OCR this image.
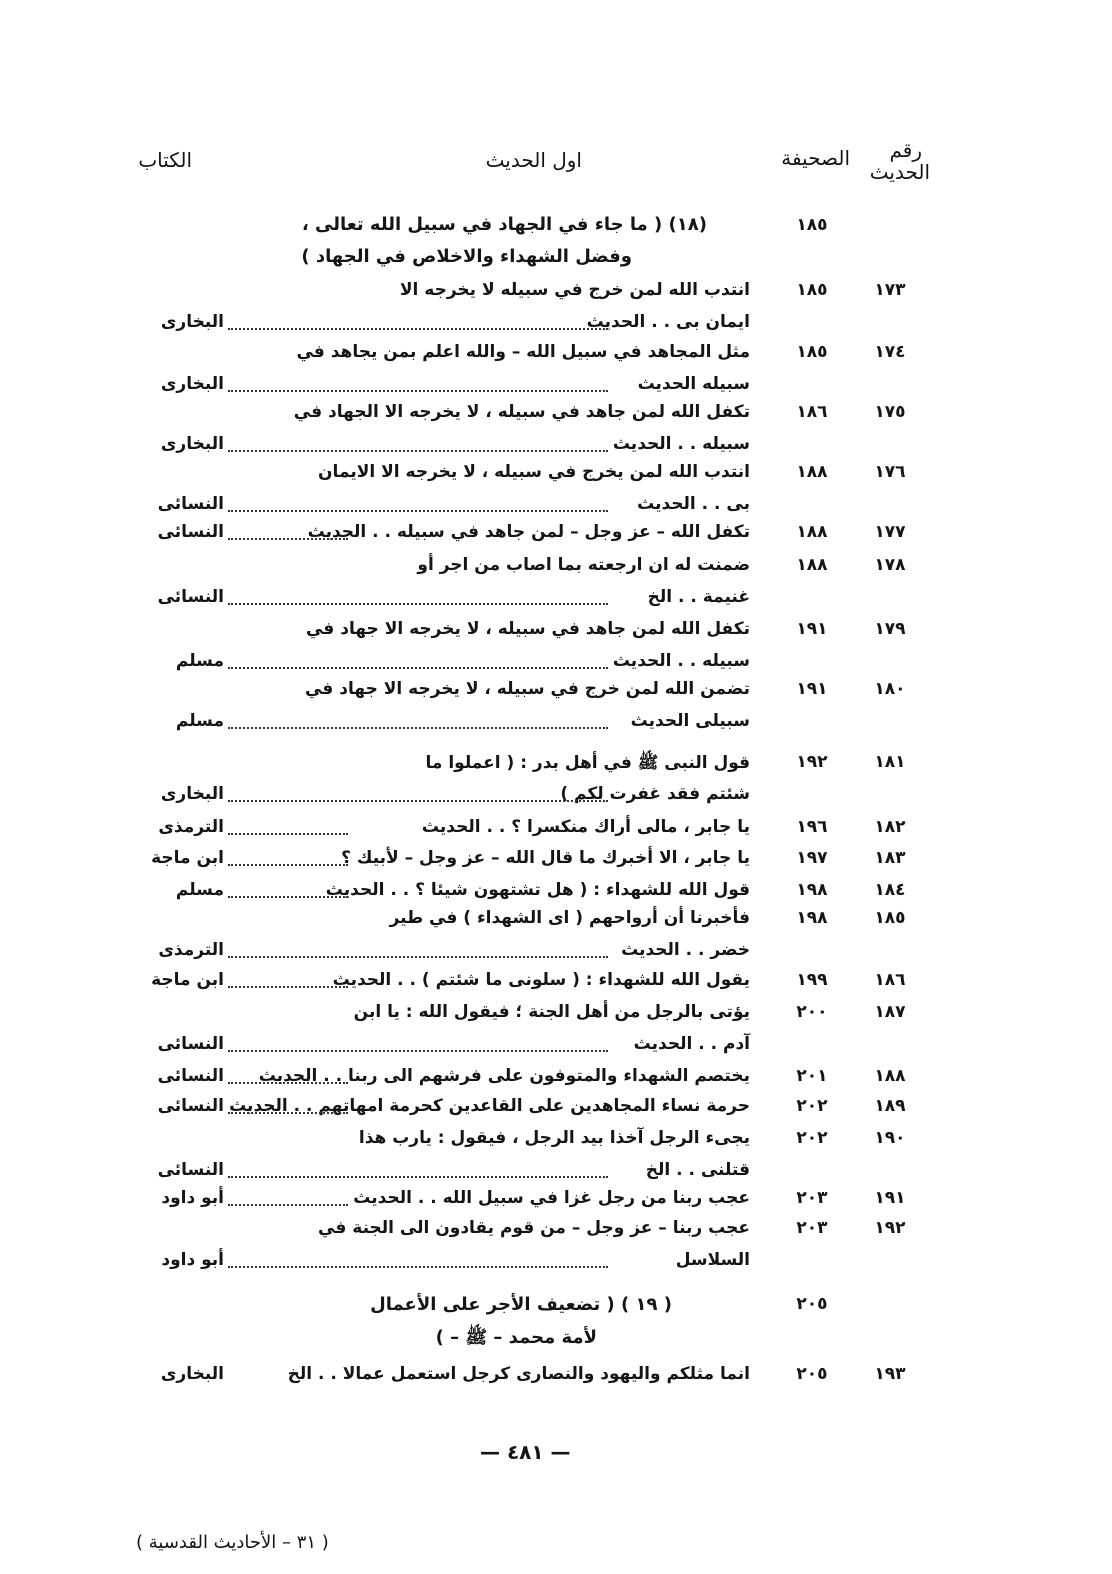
رقم
الحديث
الصحيفة
اول الحديث
الكتاب
١٨٥
(١٨) ( ما جاء في الجهاد في سبيل الله تعالى ،
وفضل الشهداء والاخلاص في الجهاد )
١٧٣
١٨٥
انتدب الله لمن خرج في سبيله لا يخرجه الا
ايمان بى . . الحديث
البخارى
١٧٤
١٨٥
مثل المجاهد في سبيل الله – والله اعلم بمن يجاهد في
سبيله الحديث
البخارى
١٧٥
١٨٦
تكفل الله لمن جاهد في سبيله ، لا يخرجه الا الجهاد في
سبيله . . الحديث
البخارى
١٧٦
١٨٨
انتدب الله لمن يخرج في سبيله ، لا يخرجه الا الايمان
بى . . الحديث
النسائى
١٧٧
١٨٨
تكفل الله – عز وجل – لمن جاهد في سبيله . . الحديث
النسائى
١٧٨
١٨٨
ضمنت له ان ارجعته بما اصاب من اجر أو
غنيمة . . الخ
النسائى
١٧٩
١٩١
تكفل الله لمن جاهد في سبيله ، لا يخرجه الا جهاد في
سبيله . . الحديث
مسلم
١٨٠
١٩١
تضمن الله لمن خرج في سبيله ، لا يخرجه الا جهاد في
سبيلى الحديث
مسلم
١٨١
١٩٢
قول النبى ﷺ في أهل بدر : ( اعملوا ما
شئتم فقد غفرت لكم )
البخارى
١٨٢
١٩٦
يا جابر ، مالى أراك منكسرا ؟ . . الحديث
الترمذى
١٨٣
١٩٧
يا جابر ، الا أخبرك ما قال الله – عز وجل – لأبيك ؟
ابن ماجة
١٨٤
١٩٨
قول الله للشهداء : ( هل تشتهون شيئا ؟ . . الحديث
مسلم
١٨٥
١٩٨
فأخبرنا أن أرواحهم ( اى الشهداء ) في طير
خضر . . الحديث
الترمذى
١٨٦
١٩٩
يقول الله للشهداء : ( سلونى ما شئتم ) . . الحديث
ابن ماجة
١٨٧
٢٠٠
يؤتى بالرجل من أهل الجنة ؛ فيقول الله : يا ابن
آدم . . الحديث
النسائى
١٨٨
٢٠١
يختصم الشهداء والمتوفون على فرشهم الى ربنا . . الحديث
النسائى
١٨٩
٢٠٢
حرمة نساء المجاهدين على القاعدين كحرمة امهاتهم . . الحديث
النسائى
١٩٠
٢٠٢
يجىء الرجل آخذا بيد الرجل ، فيقول : يارب هذا
قتلنى . . الخ
النسائى
١٩١
٢٠٣
عجب ربنا من رجل غزا في سبيل الله . . الحديث
أبو داود
١٩٢
٢٠٣
عجب ربنا – عز وجل – من قوم يقادون الى الجنة في
السلاسل
أبو داود
٢٠٥
( ١٩ ) ( تضعيف الأجر على الأعمال
لأمة محمد – ﷺ – )
١٩٣
٢٠٥
انما مثلكم واليهود والنصارى كرجل استعمل عمالا . . الخ
البخارى
— ٤٨١ —
( ٣١ – الأحاديث القدسية )
